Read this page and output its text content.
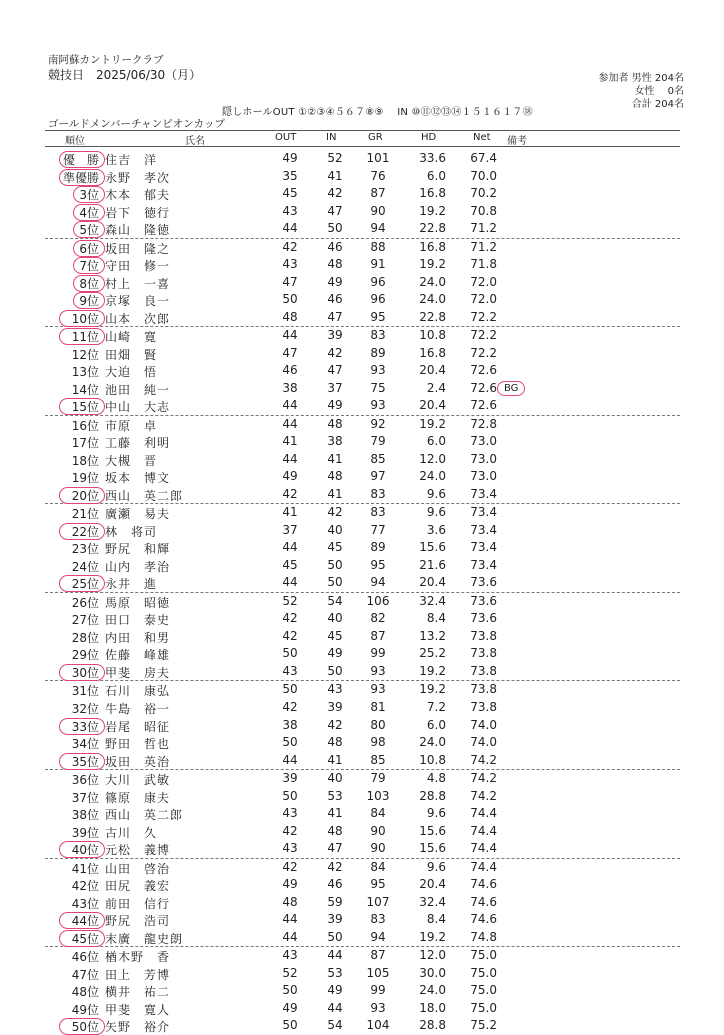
南阿蘇カントリークラブ
競技日　2025/06/30（月）
ゴールドメンバーチャンピオンカップ
隠しホールOUT ①②③④５６７⑧⑨　 IN ⑩⑪⑫⑬⑭１５１６１７⑱
参加者 男性 204名
女性 　0名
合計 204名
順位	氏名	OUT	IN	GR	HD	Net 備考
優　勝 住吉　洋	49	52	101 33.6 67.4
準優勝 永野　孝次	35	41	76	6.0 70.0
3位 木本　郁夫	45	42	87	16.8 70.2
4位 岩下　徳行	43	47	90	19.2 70.8
5位 森山　隆徳	44	50	94	22.8 71.2
6位 坂田　隆之	42	46	88	16.8 71.2
7位 守田　修一	43	48	91	19.2 71.8
8位 村上　一喜	47	49	96	24.0 72.0
9位 京塚　良一	50	46	96	24.0 72.0
10位 山本　次郎	48	47	95	22.8 72.2
11位 山崎　寛	44	39	83	10.8 72.2
12位 田畑　賢	47	42	89	16.8 72.2
13位 大迫　悟	46	47	93	20.4 72.6
14位 池田　純一	38	37	75	2.4 72.6 BG
15位 中山　大志	44	49	93	20.4 72.6
16位 市原　卓	44	48	92	19.2 72.8
17位 工藤　利明	41	38	79	6.0 73.0
18位 大槻　晋	44	41	85	12.0 73.0
19位 坂本　博文	49	48	97	24.0 73.0
20位 西山　英二郎	42	41	83	9.6 73.4
21位 廣瀬　易夫	41	42	83	9.6 73.4
22位 林　将司	37	40	77	3.6 73.4
23位 野尻　和輝	44	45	89	15.6 73.4
24位 山内　孝治	45	50	95	21.6 73.4
25位 永井　進	44	50	94	20.4 73.6
26位 馬原　昭徳	52	54	106 32.4 73.6
27位 田口　泰史	42	40	82	8.4 73.6
28位 内田　和男	42	45	87	13.2 73.8
29位 佐藤　峰雄	50	49	99	25.2 73.8
30位 甲斐　房夫	43	50	93	19.2 73.8
31位 石川　康弘	50	43	93	19.2 73.8
32位 牛島　裕一	42	39	81	7.2 73.8
33位 岩尾　昭征	38	42	80	6.0 74.0
34位 野田　哲也	50	48	98	24.0 74.0
35位 坂田　英治	44	41	85	10.8 74.2
36位 大川　武敏	39	40	79	4.8 74.2
37位 篠原　康夫	50	53	103 28.8 74.2
38位 西山　英二郎	43	41	84	9.6 74.4
39位 古川　久	42	48	90	15.6 74.4
40位 元松　義博	43	47	90	15.6 74.4
41位 山田　啓治	42	42	84	9.6 74.4
42位 田尻　義宏	49	46	95	20.4 74.6
43位 前田　信行	48	59	107 32.4 74.6
44位 野尻　浩司	44	39	83	8.4 74.6
45位 末廣　龍史朗	44	50	94	19.2 74.8
46位 楢木野　香	43	44	87	12.0 75.0
47位 田上　芳博	52	53	105 30.0 75.0
48位 横井　祐二	50	49	99	24.0 75.0
49位 甲斐　寛人	49	44	93	18.0 75.0
50位 矢野　裕介	50	54	104 28.8 75.2
